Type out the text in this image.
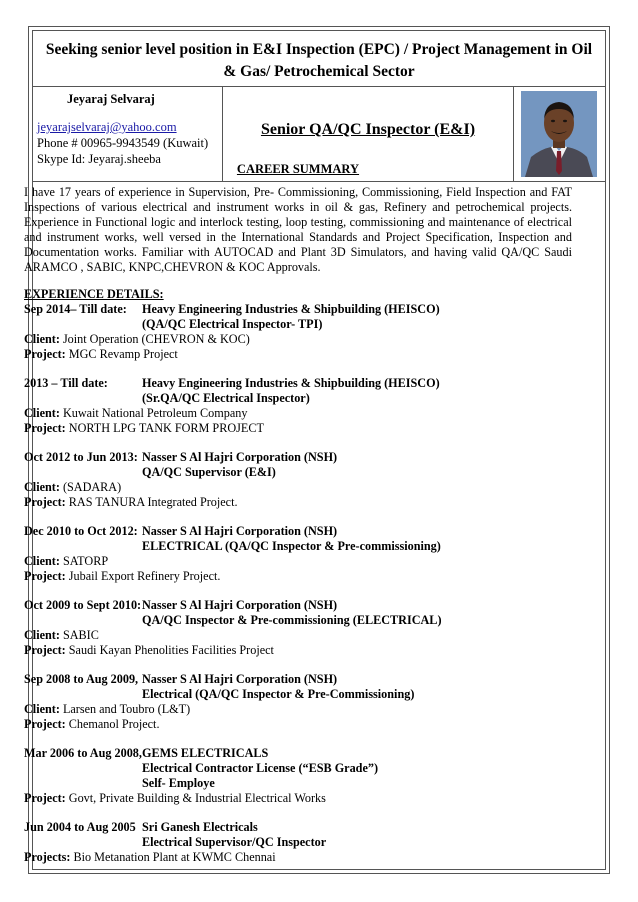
Seeking senior level position in E&I Inspection (EPC) / Project Management in Oil
& Gas/ Petrochemical Sector
Jeyaraj Selvaraj
jeyarajselvaraj@yahoo.com
Phone # 00965-9943549 (Kuwait)
Skype Id: Jeyaraj.sheeba
Senior QA/QC Inspector (E&I)
CAREER SUMMARY

I have 17 years of experience in Supervision, Pre- Commissioning, Commissioning, Field Inspection and FAT Inspections of various electrical and instrument works in oil & gas, Refinery and petrochemical projects. Experience in Functional logic and interlock testing, loop testing, commissioning and maintenance of electrical and instrument works, well versed in the International Standards and Project Specification, Inspection and Documentation works. Familiar with AUTOCAD and Plant 3D Simulators, and having valid QA/QC Saudi ARAMCO , SABIC, KNPC,CHEVRON & KOC Approvals.

EXPERIENCE DETAILS:
Sep 2014– Till date:	Heavy Engineering Industries & Shipbuilding (HEISCO)
(QA/QC Electrical Inspector- TPI)
Client: Joint Operation (CHEVRON & KOC)
Project: MGC Revamp Project
2013 – Till date:	Heavy Engineering Industries & Shipbuilding (HEISCO)
(Sr.QA/QC Electrical Inspector)
Client: Kuwait National Petroleum Company
Project: NORTH LPG TANK FORM PROJECT
Oct 2012 to Jun 2013: Nasser S Al Hajri Corporation (NSH)
QA/QC Supervisor (E&I)
Client: (SADARA)
Project: RAS TANURA Integrated Project.
Dec 2010 to Oct 2012: Nasser S Al Hajri Corporation (NSH)
ELECTRICAL (QA/QC Inspector & Pre-commissioning)
Client: SATORP
Project: Jubail Export Refinery Project.
Oct 2009 to Sept 2010: Nasser S Al Hajri Corporation (NSH)
QA/QC Inspector & Pre-commissioning (ELECTRICAL)
Client: SABIC
Project: Saudi Kayan Phenolities Facilities Project
Sep 2008 to Aug 2009, Nasser S Al Hajri Corporation (NSH)
Electrical (QA/QC Inspector & Pre-Commissioning)
Client: Larsen and Toubro (L&T)
Project: Chemanol Project.
Mar 2006 to Aug 2008, GEMS ELECTRICALS
Electrical Contractor License (“ESB Grade”)
Self- Employe
Project: Govt, Private Building & Industrial Electrical Works
Jun 2004 to Aug 2005 Sri Ganesh Electricals
Electrical Supervisor/QC Inspector
Projects: Bio Metanation Plant at KWMC Chennai
